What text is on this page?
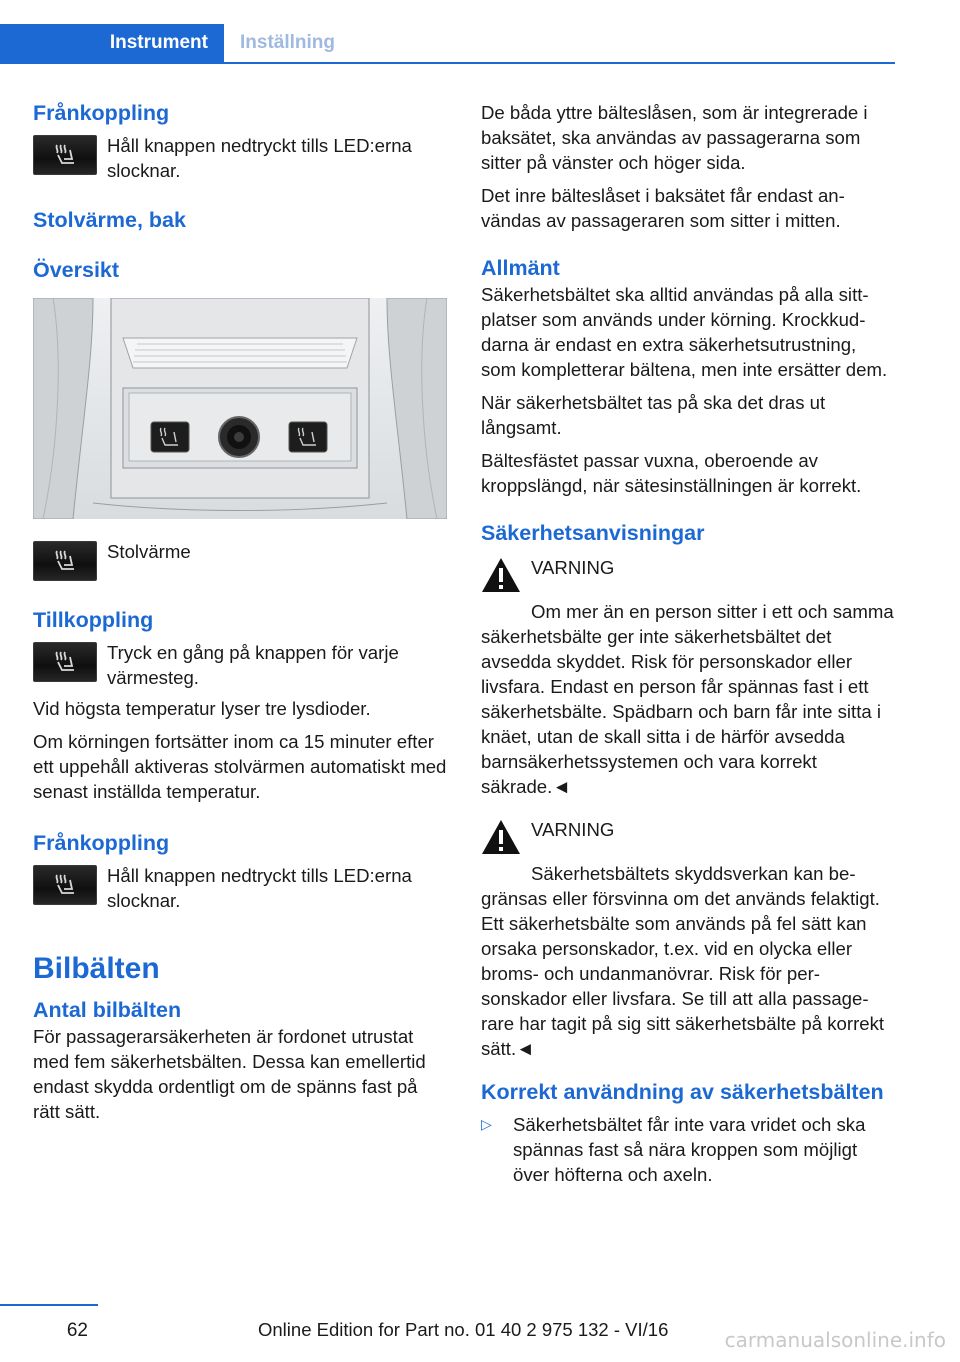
Instrument	Inställning
Frånkoppling
Håll knappen nedtryckt tills LED:erna slocknar.
Stolvärme, bak
Översikt
Stolvärme
Tillkoppling
Tryck en gång på knappen för varje värmesteg.

Vid högsta temperatur lyser tre lysdioder.

Om körningen fortsätter inom ca 15 minuter efter ett uppehåll aktiveras stolvärmen automatiskt med senast inställda temperatur.

Frånkoppling
Håll knappen nedtryckt tills LED:erna slocknar.
Bilbälten
Antal bilbälten

För passagerarsäkerheten är fordonet utrustat med fem säkerhetsbälten. Dessa kan emellertid endast skydda ordentligt om de spänns fast på rätt sätt.

De båda yttre bälteslåsen, som är integrerade i baksätet, ska användas av passagerarna som sitter på vänster och höger sida.

Det inre bälteslåset i baksätet får endast användas av passageraren som sitter i mitten.

Allmänt

Säkerhetsbältet ska alltid användas på alla sittplatser som används under körning. Krockkuddarna är endast en extra säkerhetsutrustning, som kompletterar bältena, men inte ersätter dem.

När säkerhetsbältet tas på ska det dras ut långsamt.

Bältesfästet passar vuxna, oberoende av kroppslängd, när sätesinställningen är korrekt.

Säkerhetsanvisningar
VARNING

Om mer än en person sitter i ett och samma säkerhetsbälte ger inte säkerhetsbältet det avsedda skyddet. Risk för personskador eller livsfara. Endast en person får spännas fast i ett säkerhetsbälte. Spädbarn och barn får inte sitta i knäet, utan de skall sitta i de härför avsedda barnsäkerhetssystemen och vara korrekt säkrade.◄

VARNING

Säkerhetsbältets skyddsverkan kan begränsas eller försvinna om det används felaktigt. Ett säkerhetsbälte som används på fel sätt kan orsaka personskador, t.ex. vid en olycka eller broms- och undanmanövrar. Risk för personskador eller livsfara. Se till att alla passagerare har tagit på sig sitt säkerhetsbälte på korrekt sätt.◄

Korrekt användning av säkerhetsbälten
▷	Säkerhetsbältet får inte vara vridet och ska spännas fast så nära kroppen som möjligt över höfterna och axeln.
62	Online Edition for Part no. 01 40 2 975 132 - VI/16	carmanualsonline.info
